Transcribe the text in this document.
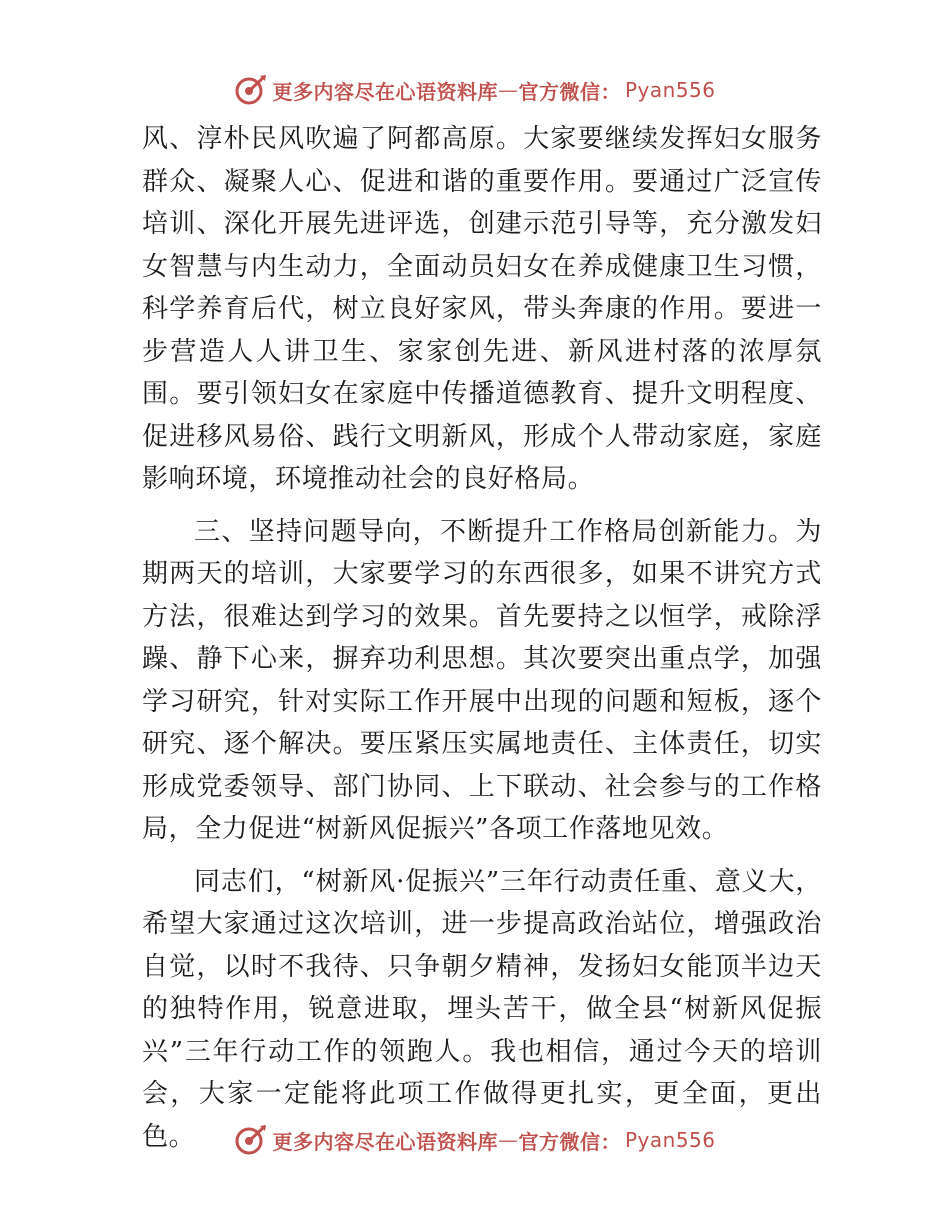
更多内容尽在心语资料库 — 官方微信： Pyan556

风、淳朴民风吹遍了阿都高原。大家要继续发挥妇女服务群众、凝聚人心、促进和谐的重要作用。要通过广泛宣传培训、深化开展先进评选，创建示范引导等，充分激发妇女智慧与内生动力，全面动员妇女在养成健康卫生习惯，科学养育后代，树立良好家风，带头奔康的作用。要进一步营造人人讲卫生、家家创先进、新风进村落的浓厚氛围。要引领妇女在家庭中传播道德教育、提升文明程度、促进移风易俗、践行文明新风，形成个人带动家庭，家庭影响环境，环境推动社会的良好格局。

三、坚持问题导向，不断提升工作格局创新能力。为期两天的培训，大家要学习的东西很多，如果不讲究方式方法，很难达到学习的效果。首先要持之以恒学，戒除浮躁、静下心来，摒弃功利思想。其次要突出重点学，加强学习研究，针对实际工作开展中出现的问题和短板，逐个研究、逐个解决。要压紧压实属地责任、主体责任，切实形成党委领导、部门协同、上下联动、社会参与的工作格局，全力促进“树新风促振兴”各项工作落地见效。

同志们，“树新风·促振兴”三年行动责任重、意义大，希望大家通过这次培训，进一步提高政治站位，增强政治自觉，以时不我待、只争朝夕精神，发扬妇女能顶半边天的独特作用，锐意进取，埋头苦干，做全县“树新风促振兴”三年行动工作的领跑人。我也相信，通过今天的培训会，大家一定能将此项工作做得更扎实，更全面，更出色。	更多内容尽在心语资料库 — 官方微信： Pyan556
